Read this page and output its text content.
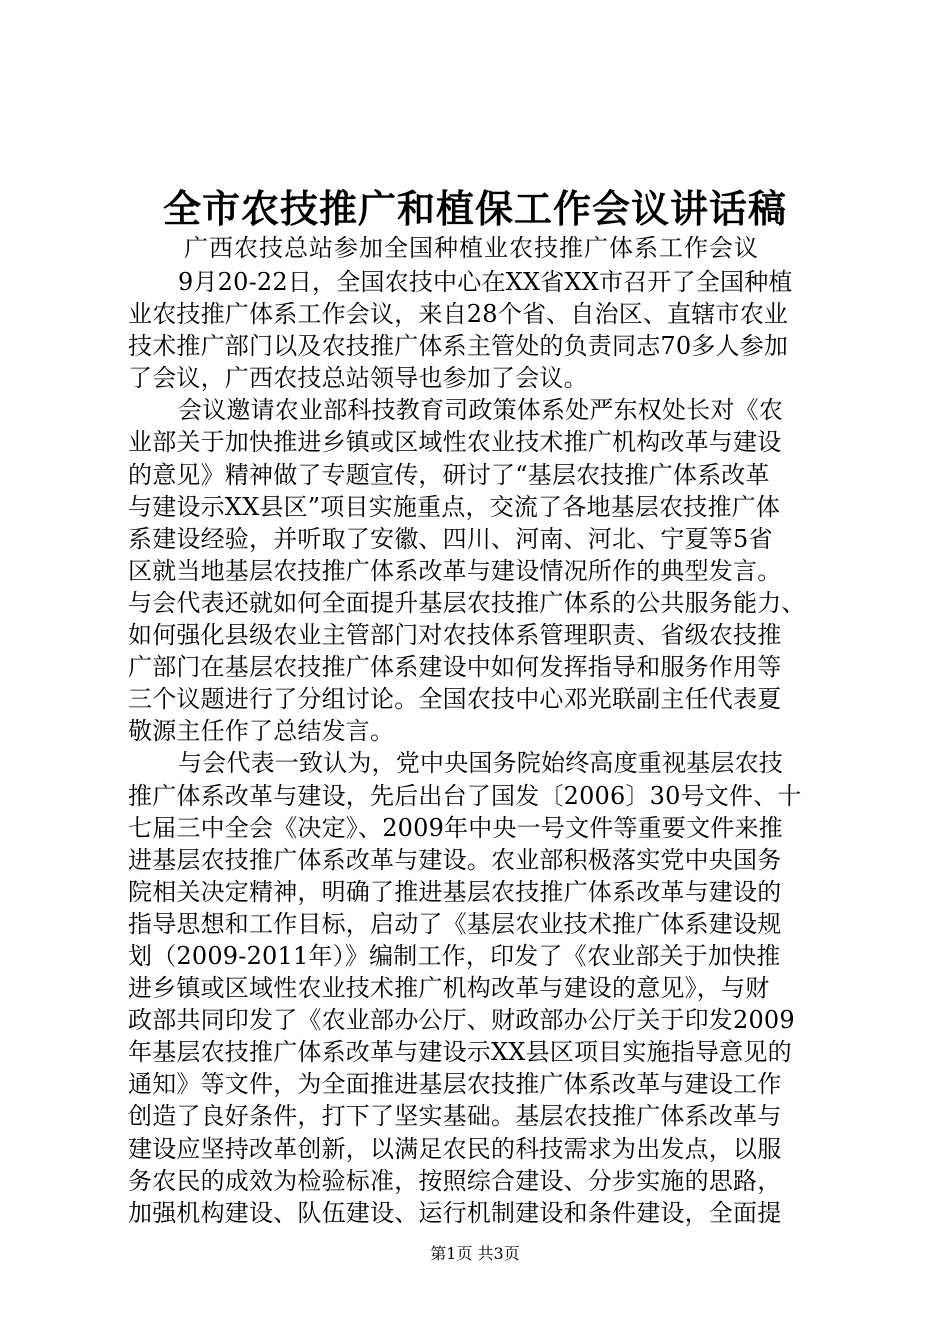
全市农技推广和植保工作会议讲话稿
广西农技总站参加全国种植业农技推广体系工作会议
9月20-22日，全国农技中心在XX省XX市召开了全国种植
业农技推广体系工作会议，来自28个省、自治区、直辖市农业
技术推广部门以及农技推广体系主管处的负责同志70多人参加
了会议，广西农技总站领导也参加了会议。
会议邀请农业部科技教育司政策体系处严东权处长对《农
业部关于加快推进乡镇或区域性农业技术推广机构改革与建设
的意见》精神做了专题宣传，研讨了“基层农技推广体系改革
与建设示XX县区”项目实施重点，交流了各地基层农技推广体
系建设经验，并听取了安徽、四川、河南、河北、宁夏等5省
区就当地基层农技推广体系改革与建设情况所作的典型发言。
与会代表还就如何全面提升基层农技推广体系的公共服务能力、
如何强化县级农业主管部门对农技体系管理职责、省级农技推
广部门在基层农技推广体系建设中如何发挥指导和服务作用等
三个议题进行了分组讨论。全国农技中心邓光联副主任代表夏
敬源主任作了总结发言。
与会代表一致认为，党中央国务院始终高度重视基层农技
推广体系改革与建设，先后出台了国发〔2006〕30号文件、十
七届三中全会《决定》、2009年中央一号文件等重要文件来推
进基层农技推广体系改革与建设。农业部积极落实党中央国务
院相关决定精神，明确了推进基层农技推广体系改革与建设的
指导思想和工作目标，启动了《基层农业技术推广体系建设规
划（2009-2011年）》编制工作，印发了《农业部关于加快推
进乡镇或区域性农业技术推广机构改革与建设的意见》，与财
政部共同印发了《农业部办公厅、财政部办公厅关于印发2009
年基层农技推广体系改革与建设示XX县区项目实施指导意见的
通知》等文件，为全面推进基层农技推广体系改革与建设工作
创造了良好条件，打下了坚实基础。基层农技推广体系改革与
建设应坚持改革创新，以满足农民的科技需求为出发点，以服
务农民的成效为检验标准，按照综合建设、分步实施的思路，
加强机构建设、队伍建设、运行机制建设和条件建设，全面提
第1页 共3页
